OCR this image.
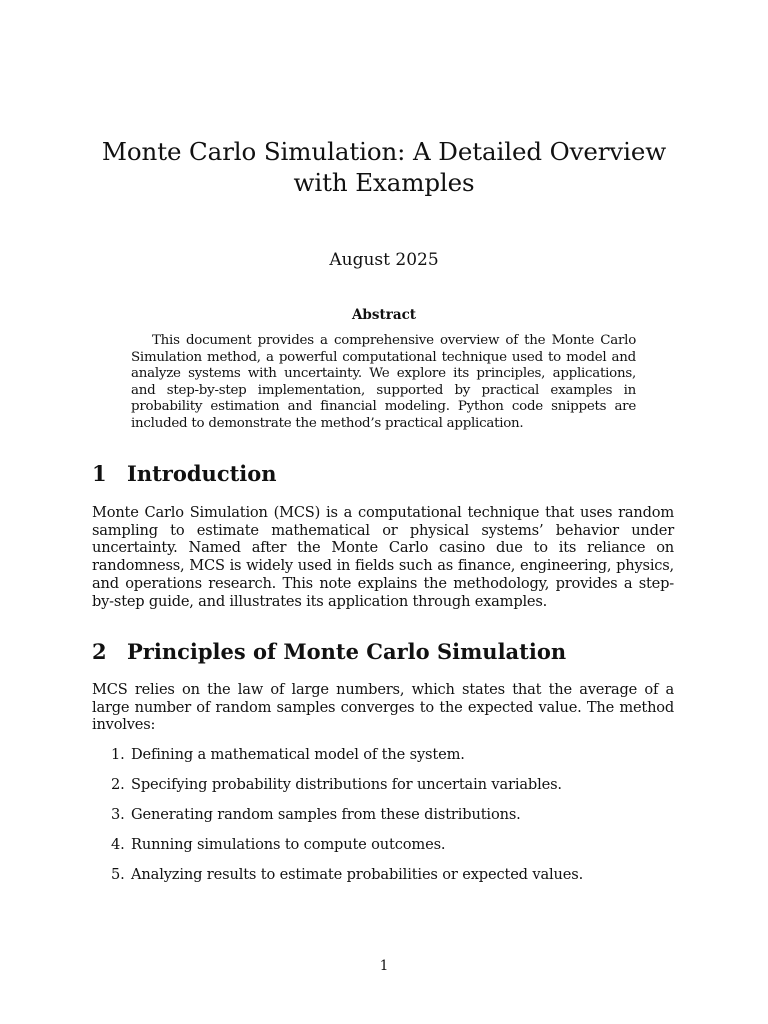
Monte Carlo Simulation: A Detailed Overview
with Examples
August 2025
Abstract

This document provides a comprehensive overview of the Monte Carlo Simulation method, a powerful computational technique used to model and analyze systems with uncertainty. We explore its principles, applications, and step-by-step implementation, supported by practical examples in probability estimation and financial modeling. Python code snippets are included to demonstrate the method’s practical application.

1 Introduction

Monte Carlo Simulation (MCS) is a computational technique that uses random sampling to estimate mathematical or physical systems’ behavior under uncertainty. Named after the Monte Carlo casino due to its reliance on randomness, MCS is widely used in fields such as finance, engineering, physics, and operations research. This note explains the methodology, provides a step-by-step guide, and illustrates its application through examples.

2 Principles of Monte Carlo Simulation

MCS relies on the law of large numbers, which states that the average of a large number of random samples converges to the expected value. The method involves:

1. Defining a mathematical model of the system.
2. Specifying probability distributions for uncertain variables.
3. Generating random samples from these distributions.
4. Running simulations to compute outcomes.
5. Analyzing results to estimate probabilities or expected values.
1
